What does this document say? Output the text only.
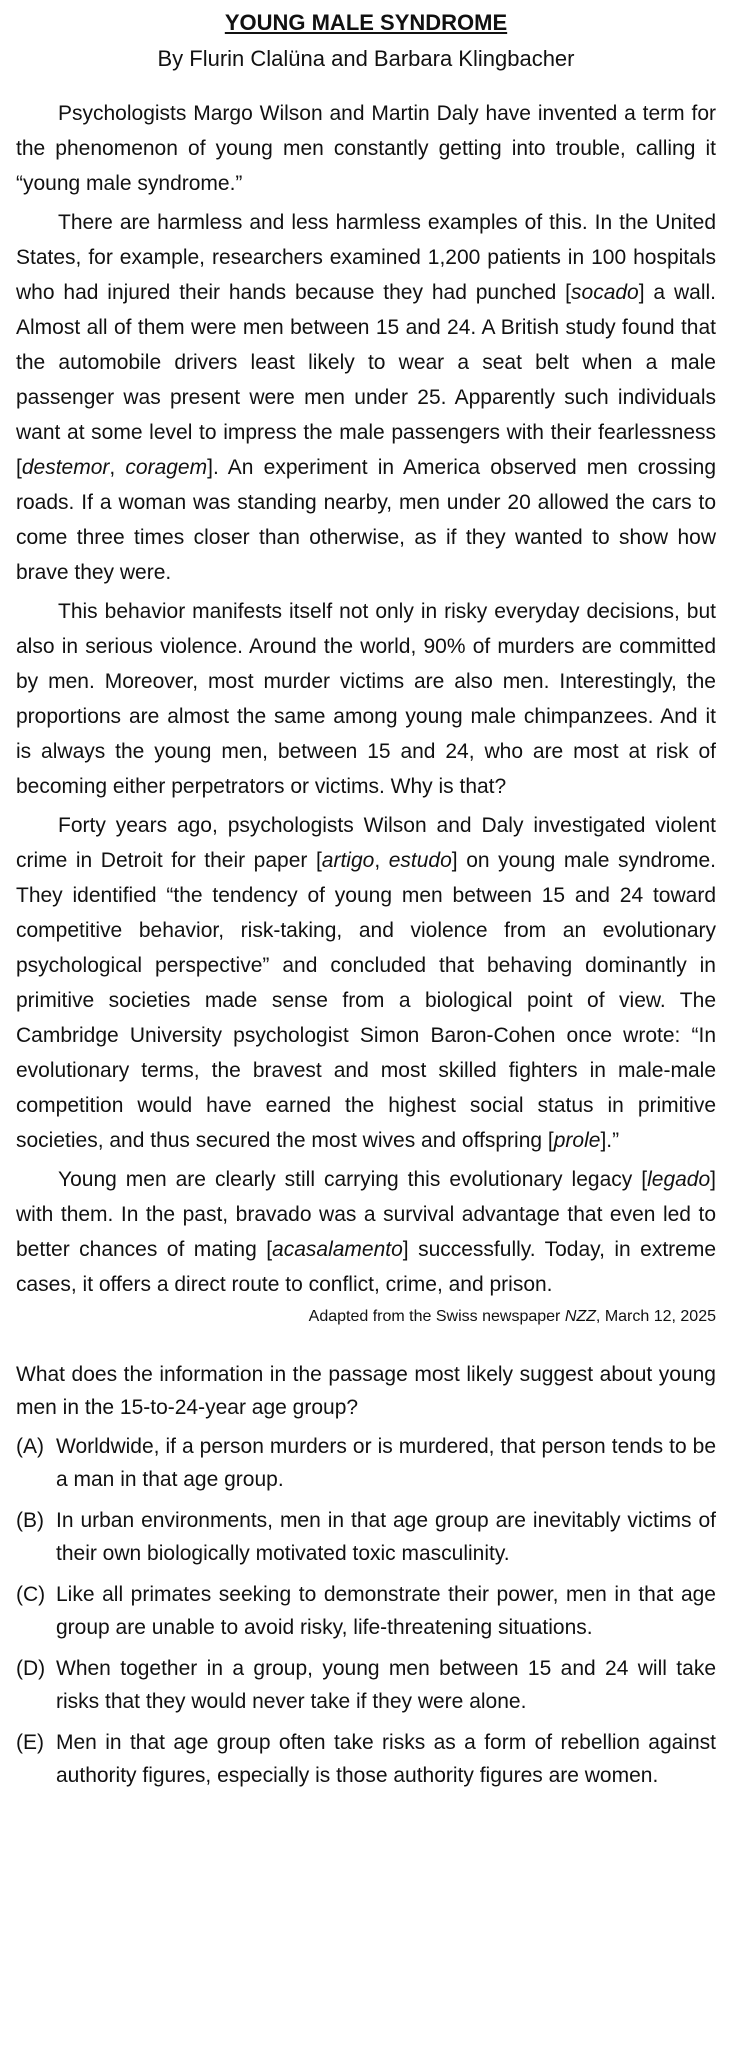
YOUNG MALE SYNDROME
By Flurin Clalüna and Barbara Klingbacher

Psychologists Margo Wilson and Martin Daly have invented a term for the phenomenon of young men constantly getting into trouble, calling it “young male syndrome.”

There are harmless and less harmless examples of this. In the United States, for example, researchers examined 1,200 patients in 100 hospitals who had injured their hands because they had punched [socado] a wall. Almost all of them were men between 15 and 24. A British study found that the automobile drivers least likely to wear a seat belt when a male passenger was present were men under 25. Apparently such individuals want at some level to impress the male passengers with their fearlessness [destemor, coragem]. An experiment in America observed men crossing roads. If a woman was standing nearby, men under 20 allowed the cars to come three times closer than otherwise, as if they wanted to show how brave they were.

This behavior manifests itself not only in risky everyday decisions, but also in serious violence. Around the world, 90% of murders are committed by men. Moreover, most murder victims are also men. Interestingly, the proportions are almost the same among young male chimpanzees. And it is always the young men, between 15 and 24, who are most at risk of becoming either perpetrators or victims. Why is that?

Forty years ago, psychologists Wilson and Daly investigated violent crime in Detroit for their paper [artigo, estudo] on young male syndrome. They identified “the tendency of young men between 15 and 24 toward competitive behavior, risk-taking, and violence from an evolutionary psychological perspective” and concluded that behaving dominantly in primitive societies made sense from a biological point of view. The Cambridge University psychologist Simon Baron-Cohen once wrote: “In evolutionary terms, the bravest and most skilled fighters in male-male competition would have earned the highest social status in primitive societies, and thus secured the most wives and offspring [prole].”

Young men are clearly still carrying this evolutionary legacy [legado] with them. In the past, bravado was a survival advantage that even led to better chances of mating [acasalamento] successfully. Today, in extreme cases, it offers a direct route to conflict, crime, and prison.

Adapted from the Swiss newspaper NZZ, March 12, 2025
What does the information in the passage most likely suggest about young men in the 15-to-24-year age group?
(A) Worldwide, if a person murders or is murdered, that person tends to be a man in that age group.
(B) In urban environments, men in that age group are inevitably victims of their own biologically motivated toxic masculinity.
(C) Like all primates seeking to demonstrate their power, men in that age group are unable to avoid risky, life-threatening situations.
(D) When together in a group, young men between 15 and 24 will take risks that they would never take if they were alone.
(E) Men in that age group often take risks as a form of rebellion against authority figures, especially is those authority figures are women.
